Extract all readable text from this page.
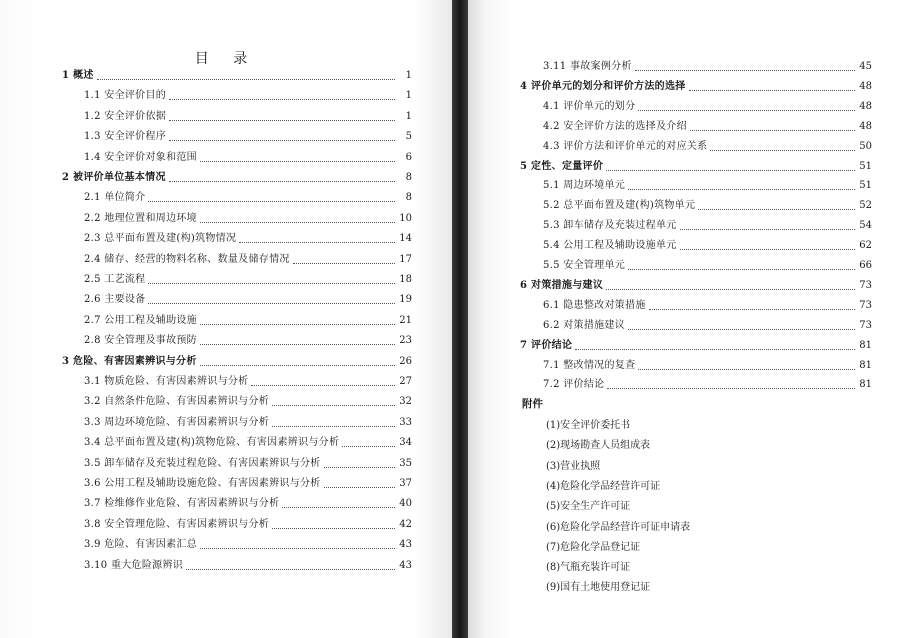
目 录
1 概述	1
1.1 安全评价目的	1
1.2 安全评价依据	1
1.3 安全评价程序	5
1.4 安全评价对象和范围	6
2 被评价单位基本情况	8
2.1 单位简介	8
2.2 地理位置和周边环境	10
2.3 总平面布置及建(构)筑物情况	14
2.4 储存、经营的物料名称、数量及储存情况	17
2.5 工艺流程	18
2.6 主要设备	19
2.7 公用工程及辅助设施	21
2.8 安全管理及事故预防	23
3 危险、有害因素辨识与分析	26
3.1 物质危险、有害因素辨识与分析	27
3.2 自然条件危险、有害因素辨识与分析	32
3.3 周边环境危险、有害因素辨识与分析	33
3.4 总平面布置及建(构)筑物危险、有害因素辨识与分析	34
3.5 卸车储存及充装过程危险、有害因素辨识与分析	35
3.6 公用工程及辅助设施危险、有害因素辨识与分析	37
3.7 检维修作业危险、有害因素辨识与分析	40
3.8 安全管理危险、有害因素辨识与分析	42
3.9 危险、有害因素汇总	43
3.10 重大危险源辨识	43
3.11 事故案例分析	45
4 评价单元的划分和评价方法的选择	48
4.1 评价单元的划分	48
4.2 安全评价方法的选择及介绍	48
4.3 评价方法和评价单元的对应关系	50
5 定性、定量评价	51
5.1 周边环境单元	51
5.2 总平面布置及建(构)筑物单元	52
5.3 卸车储存及充装过程单元	54
5.4 公用工程及辅助设施单元	62
5.5 安全管理单元	66
6 对策措施与建议	73
6.1 隐患整改对策措施	73
6.2 对策措施建议	73
7 评价结论	81
7.1 整改情况的复查	81
7.2 评价结论	81
附件
(1)安全评价委托书
(2)现场勘查人员组成表
(3)营业执照
(4)危险化学品经营许可证
(5)安全生产许可证
(6)危险化学品经营许可证申请表
(7)危险化学品登记证
(8)气瓶充装许可证
(9)国有土地使用登记证
